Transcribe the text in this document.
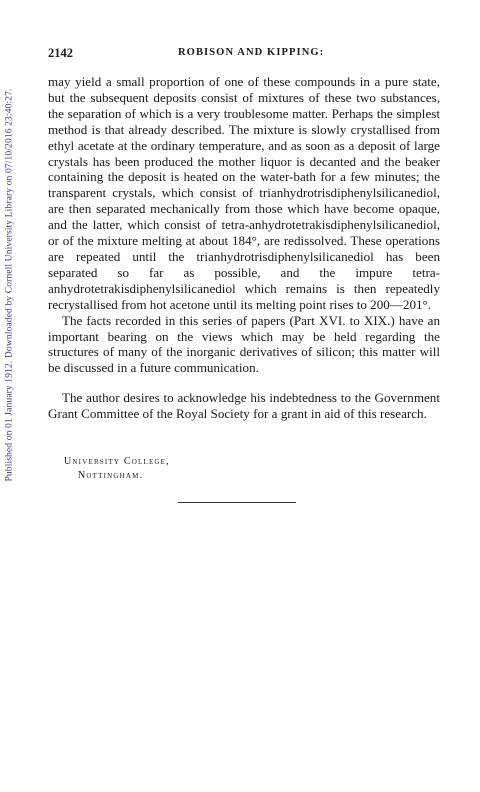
Published on 01 January 1912. Downloaded by Cornell University Library on 07/10/2016 23:40:27.
2142	ROBISON AND KIPPING:

may yield a small proportion of one of these compounds in a pure state, but the subsequent deposits consist of mixtures of these two substances, the separation of which is a very troublesome matter. Perhaps the simplest method is that already described. The mixture is slowly crystallised from ethyl acetate at the ordinary temperature, and as soon as a deposit of large crystals has been produced the mother liquor is decanted and the beaker containing the deposit is heated on the water-bath for a few minutes; the transparent crystals, which consist of trianhydrotrisdiphenylsilicanediol, are then separated mechanically from those which have become opaque, and the latter, which consist of tetra-anhydrotetrakisdiphenylsilicanediol, or of the mixture melting at about 184°, are redissolved. These operations are repeated until the trianhydrotrisdiphenylsilicanediol has been separated so far as possible, and the impure tetra-anhydrotetrakisdiphenylsilicanediol which remains is then repeatedly recrystallised from hot acetone until its melting point rises to 200—201°.

The facts recorded in this series of papers (Part XVI. to XIX.) have an important bearing on the views which may be held regarding the structures of many of the inorganic derivatives of silicon; this matter will be discussed in a future communication.

The author desires to acknowledge his indebtedness to the Government Grant Committee of the Royal Society for a grant in aid of this research.

University College,
Nottingham.
